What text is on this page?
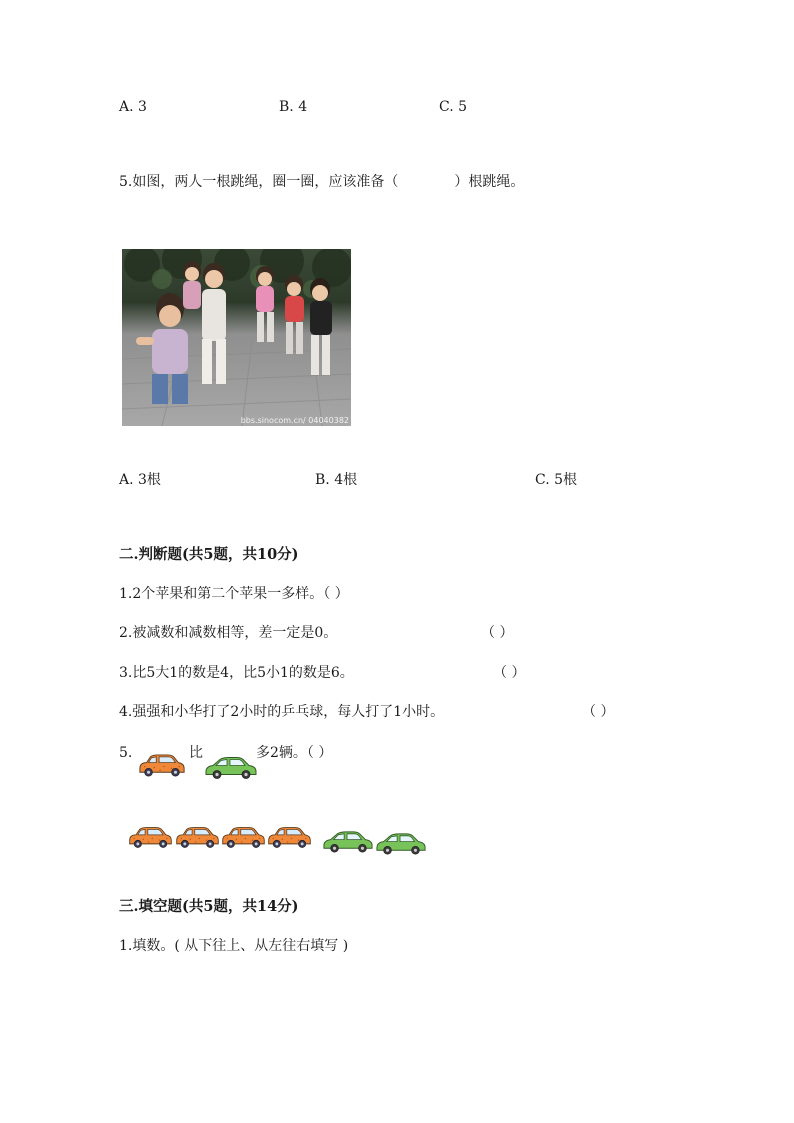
A. 3	B. 4	C. 5
5.如图，两人一根跳绳，圈一圈，应该准备（　　　　）根跳绳。
bbs.sinocom.cn/ 04040382
A. 3根	B. 4根	C. 5根
二.判断题(共5题，共10分)
1.2个苹果和第二个苹果一多样。（ ）
2.被减数和减数相等，差一定是0。	（ ）
3.比5大1的数是4，比5小1的数是6。	（ ）
4.强强和小华打了2小时的乒乓球，每人打了1小时。	（ ）
5.	比	多2辆。（ ）
三.填空题(共5题，共14分)
1.填数。( 从下往上、从左往右填写 )
